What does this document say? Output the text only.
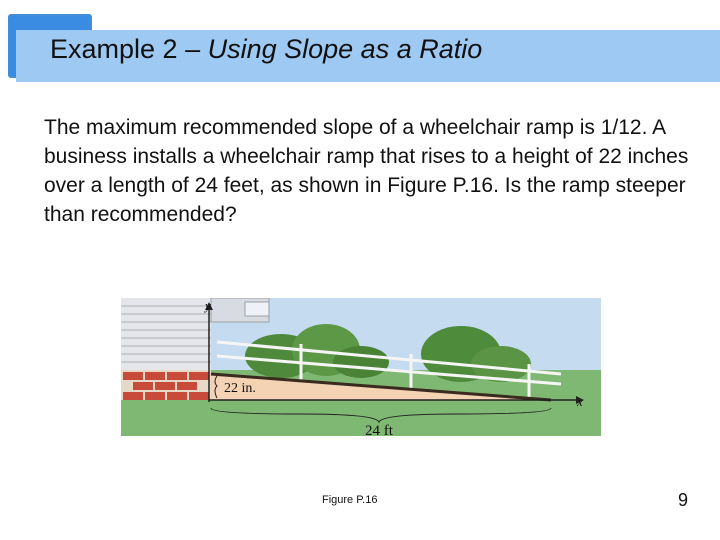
Example 2 – Using Slope as a Ratio
The maximum recommended slope of a wheelchair ramp is 1/12. A business installs a wheelchair ramp that rises to a height of 22 inches over a length of 24 feet, as shown in Figure P.16. Is the ramp steeper than recommended?
y
x
22 in.
24 ft
Figure P.16	9
